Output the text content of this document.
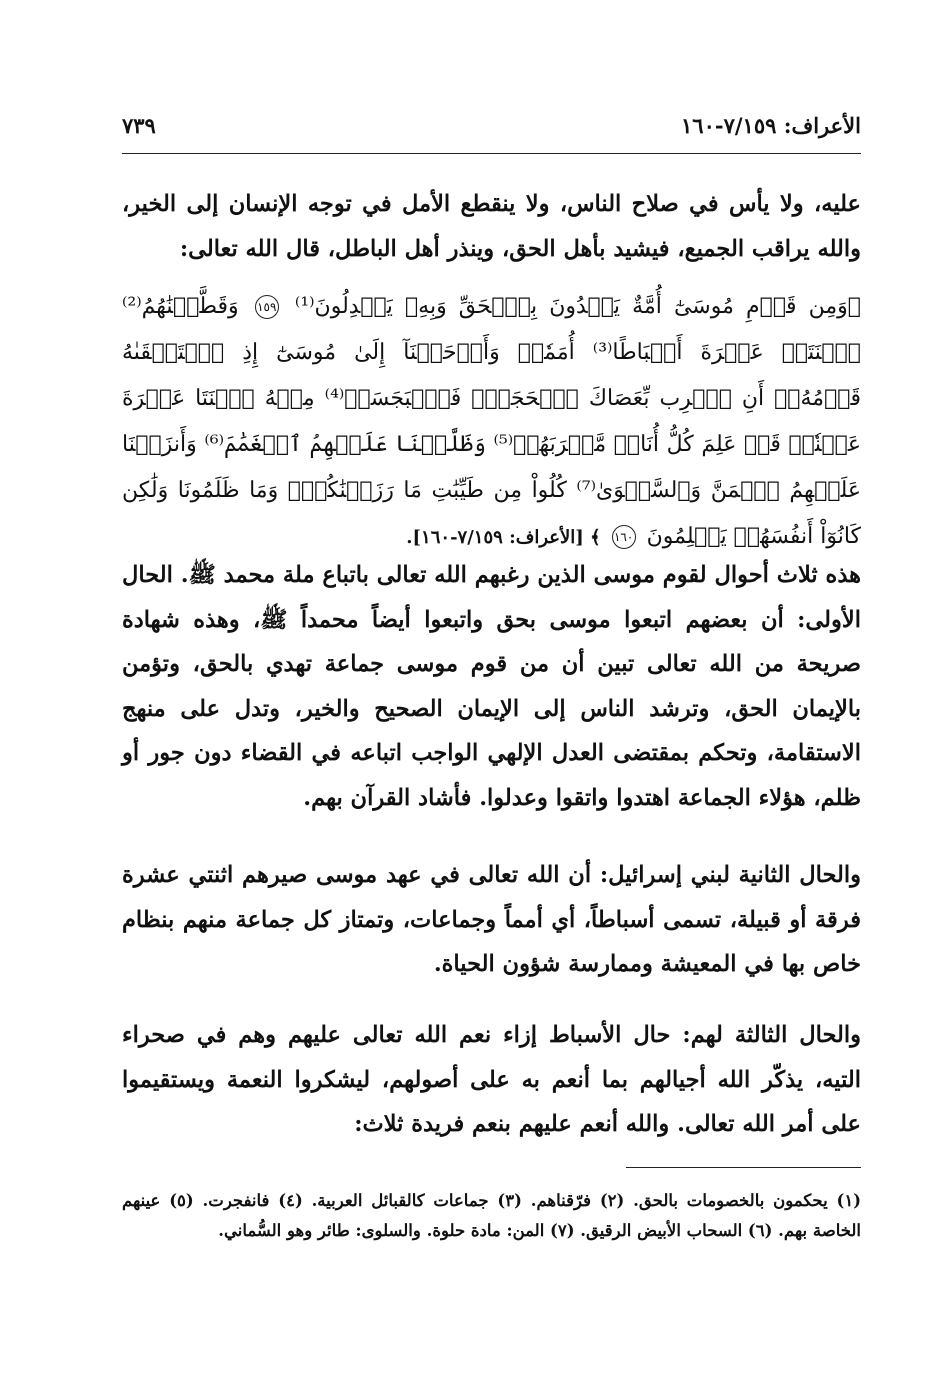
الأعراف: ٧/١٥٩-١٦٠
٧٣٩
عليه، ولا يأس في صلاح الناس، ولا ينقطع الأمل في توجه الإنسان إلى الخير، والله يراقب الجميع، فيشيد بأهل الحق، وينذر أهل الباطل، قال الله تعالى:
﴿وَمِن قَوۡمِ مُوسَىٰٓ أُمَّةٌ يَهۡدُونَ بِٱلۡحَقِّ وَبِهِۦ يَعۡدِلُونَ⁽¹⁾ ١٥٩ وَقَطَّعۡنَٰهُمُ⁽²⁾ ٱثۡنَتَيۡ عَشۡرَةَ أَسۡبَاطًا⁽³⁾ أُمَمٗاۚ وَأَوۡحَيۡنَآ إِلَىٰ مُوسَىٰٓ إِذِ ٱسۡتَسۡقَىٰهُ قَوۡمُهُۥٓ أَنِ ٱضۡرِب بِّعَصَاكَ ٱلۡحَجَرَۖ فَٱنۢبَجَسَتۡ⁽⁴⁾ مِنۡهُ ٱثۡنَتَا عَشۡرَةَ عَيۡنٗاۖ قَدۡ عَلِمَ كُلُّ أُنَاسٖ مَّشۡرَبَهُمۡ⁽⁵⁾ وَظَلَّلۡنَا عَلَيۡهِمُ ٱلۡغَمَٰمَ⁽⁶⁾ وَأَنزَلۡنَا عَلَيۡهِمُ ٱلۡمَنَّ وَٱلسَّلۡوَىٰ⁽⁷⁾ كُلُواْ مِن طَيِّبَٰتِ مَا رَزَقۡنَٰكُمۡۚ وَمَا ظَلَمُونَا وَلَٰكِن كَانُوٓاْ أَنفُسَهُمۡ يَظۡلِمُونَ ١٦٠ ﴾ [الأعراف: ٧/١٥٩-١٦٠].
هذه ثلاث أحوال لقوم موسى الذين رغبهم الله تعالى باتباع ملة محمد ﷺ. الحال الأولى: أن بعضهم اتبعوا موسى بحق واتبعوا أيضاً محمداً ﷺ، وهذه شهادة صريحة من الله تعالى تبين أن من قوم موسى جماعة تهدي بالحق، وتؤمن بالإيمان الحق، وترشد الناس إلى الإيمان الصحيح والخير، وتدل على منهج الاستقامة، وتحكم بمقتضى العدل الإلهي الواجب اتباعه في القضاء دون جور أو ظلم، هؤلاء الجماعة اهتدوا واتقوا وعدلوا. فأشاد القرآن بهم.
والحال الثانية لبني إسرائيل: أن الله تعالى في عهد موسى صيرهم اثنتي عشرة فرقة أو قبيلة، تسمى أسباطاً، أي أمماً وجماعات، وتمتاز كل جماعة منهم بنظام خاص بها في المعيشة وممارسة شؤون الحياة.
والحال الثالثة لهم: حال الأسباط إزاء نعم الله تعالى عليهم وهم في صحراء التيه، يذكّر الله أجيالهم بما أنعم به على أصولهم، ليشكروا النعمة ويستقيموا على أمر الله تعالى. والله أنعم عليهم بنعم فريدة ثلاث:
(١) يحكمون بالخصومات بالحق. (٢) فرّقناهم. (٣) جماعات كالقبائل العربية. (٤) فانفجرت. (٥) عينهم الخاصة بهم. (٦) السحاب الأبيض الرقيق. (٧) المن: مادة حلوة. والسلوى: طائر وهو السُّماني.
